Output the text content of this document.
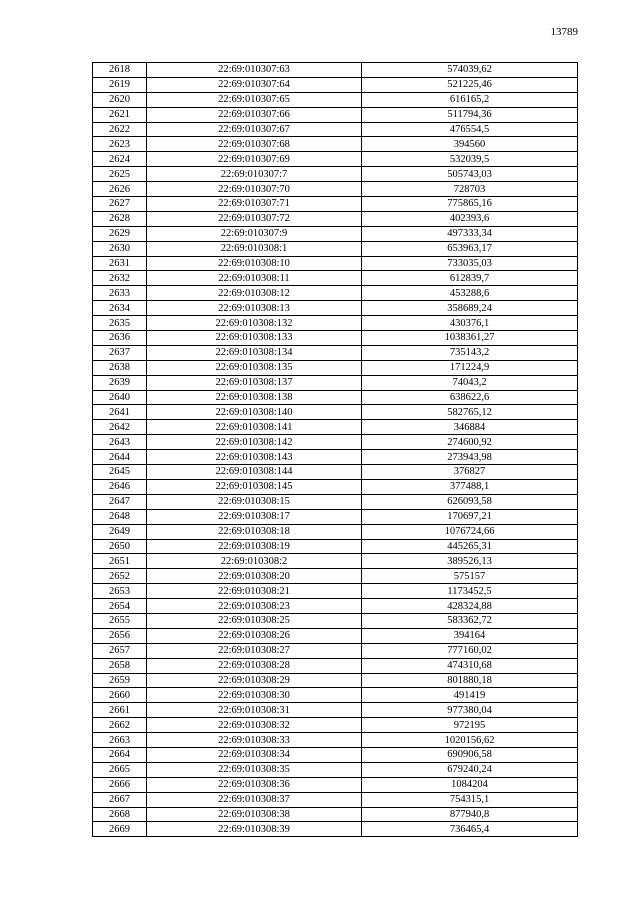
13789
2618	22:69:010307:63	574039,62
2619	22:69:010307:64	521225,46
2620	22:69:010307:65	616165,2
2621	22:69:010307:66	511794,36
2622	22:69:010307:67	476554,5
2623	22:69:010307:68	394560
2624	22:69:010307:69	532039,5
2625	22:69:010307:7	505743,03
2626	22:69:010307:70	728703
2627	22:69:010307:71	775865,16
2628	22:69:010307:72	402393,6
2629	22:69:010307:9	497333,34
2630	22:69:010308:1	653963,17
2631	22:69:010308:10	733035,03
2632	22:69:010308:11	612839,7
2633	22:69:010308:12	453288,6
2634	22:69:010308:13	358689,24
2635	22:69:010308:132	430376,1
2636	22:69:010308:133	1038361,27
2637	22:69:010308:134	735143,2
2638	22:69:010308:135	171224,9
2639	22:69:010308:137	74043,2
2640	22:69:010308:138	638622,6
2641	22:69:010308:140	582765,12
2642	22:69:010308:141	346884
2643	22:69:010308:142	274600,92
2644	22:69:010308:143	273943,98
2645	22:69:010308:144	376827
2646	22:69:010308:145	377488,1
2647	22:69:010308:15	626093,58
2648	22:69:010308:17	170697,21
2649	22:69:010308:18	1076724,66
2650	22:69:010308:19	445265,31
2651	22:69:010308:2	389526,13
2652	22:69:010308:20	575157
2653	22:69:010308:21	1173452,5
2654	22:69:010308:23	428324,88
2655	22:69:010308:25	583362,72
2656	22:69:010308:26	394164
2657	22:69:010308:27	777160,02
2658	22:69:010308:28	474310,68
2659	22:69:010308:29	801880,18
2660	22:69:010308:30	491419
2661	22:69:010308:31	977380,04
2662	22:69:010308:32	972195
2663	22:69:010308:33	1020156,62
2664	22:69:010308:34	690906,58
2665	22:69:010308:35	679240,24
2666	22:69:010308:36	1084204
2667	22:69:010308:37	754315,1
2668	22:69:010308:38	877940,8
2669	22:69:010308:39	736465,4
